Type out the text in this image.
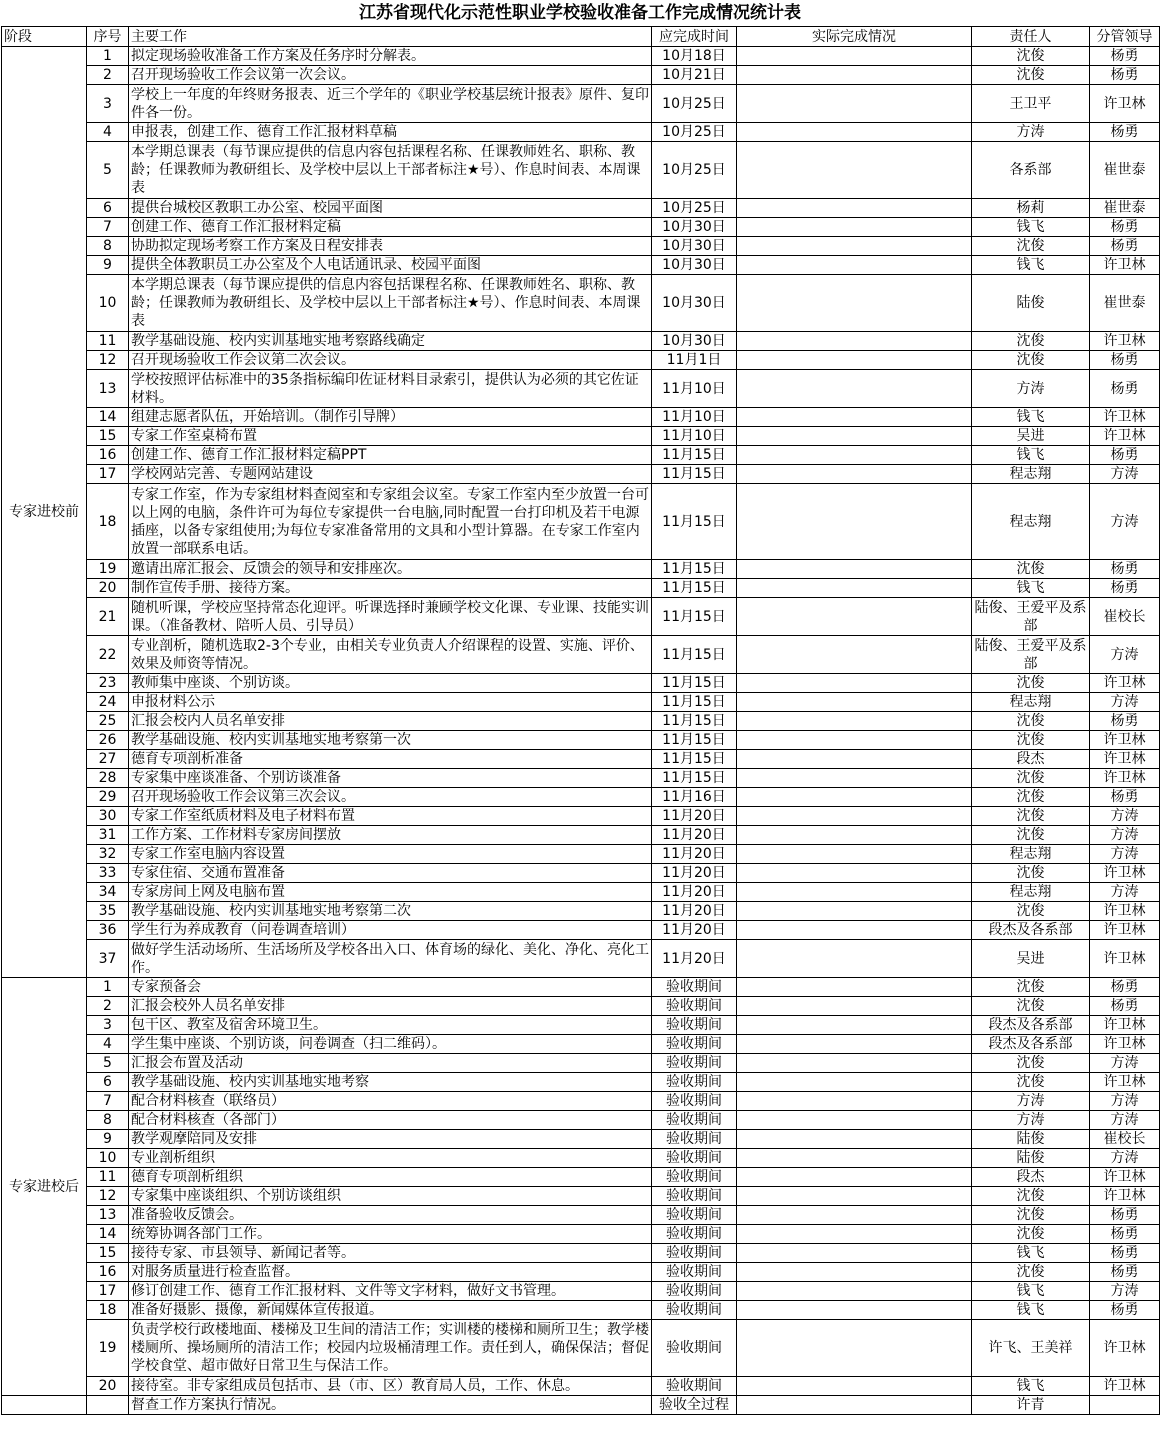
江苏省现代化示范性职业学校验收准备工作完成情况统计表
阶段	序号	主要工作	应完成时间	实际完成情况	责任人	分管领导
专家进校前	1	拟定现场验收准备工作方案及任务序时分解表。	10月18日		沈俊	杨勇
	2	召开现场验收工作会议第一次会议。	10月21日		沈俊	杨勇
	3	学校上一年度的年终财务报表、近三个学年的《职业学校基层统计报表》原件、复印件各一份。	10月25日		王卫平	许卫林
	4	申报表，创建工作、德育工作汇报材料草稿	10月25日		方涛	杨勇
	5	本学期总课表（每节课应提供的信息内容包括课程名称、任课教师姓名、职称、教龄；任课教师为教研组长、及学校中层以上干部者标注★号）、作息时间表、本周课表	10月25日		各系部	崔世泰
	6	提供台城校区教职工办公室、校园平面图	10月25日		杨莉	崔世泰
	7	创建工作、德育工作汇报材料定稿	10月30日		钱飞	杨勇
	8	协助拟定现场考察工作方案及日程安排表	10月30日		沈俊	杨勇
	9	提供全体教职员工办公室及个人电话通讯录、校园平面图	10月30日		钱飞	许卫林
	10	本学期总课表（每节课应提供的信息内容包括课程名称、任课教师姓名、职称、教龄；任课教师为教研组长、及学校中层以上干部者标注★号）、作息时间表、本周课表	10月30日		陆俊	崔世泰
	11	教学基础设施、校内实训基地实地考察路线确定	10月30日		沈俊	许卫林
	12	召开现场验收工作会议第二次会议。	11月1日		沈俊	杨勇
	13	学校按照评估标准中的35条指标编印佐证材料目录索引，提供认为必须的其它佐证材料。	11月10日		方涛	杨勇
	14	组建志愿者队伍，开始培训。（制作引导牌）	11月10日		钱飞	许卫林
	15	专家工作室桌椅布置	11月10日		吴进	许卫林
	16	创建工作、德育工作汇报材料定稿PPT	11月15日		钱飞	杨勇
	17	学校网站完善、专题网站建设	11月15日		程志翔	方涛
	18	专家工作室，作为专家组材料查阅室和专家组会议室。专家工作室内至少放置一台可以上网的电脑，条件许可为每位专家提供一台电脑,同时配置一台打印机及若干电源插座，以备专家组使用;为每位专家准备常用的文具和小型计算器。在专家工作室内放置一部联系电话。	11月15日		程志翔	方涛
	19	邀请出席汇报会、反馈会的领导和安排座次。	11月15日		沈俊	杨勇
	20	制作宣传手册、接待方案。	11月15日		钱飞	杨勇
	21	随机听课，学校应坚持常态化迎评。听课选择时兼顾学校文化课、专业课、技能实训课。（准备教材、陪听人员、引导员）	11月15日		陆俊、王爱平及系部	崔校长
	22	专业剖析，随机选取2-3个专业，由相关专业负责人介绍课程的设置、实施、评价、效果及师资等情况。	11月15日		陆俊、王爱平及系部	方涛
	23	教师集中座谈、个别访谈。	11月15日		沈俊	许卫林
	24	申报材料公示	11月15日		程志翔	方涛
	25	汇报会校内人员名单安排	11月15日		沈俊	杨勇
	26	教学基础设施、校内实训基地实地考察第一次	11月15日		沈俊	许卫林
	27	德育专项剖析准备	11月15日		段杰	许卫林
	28	专家集中座谈准备、个别访谈准备	11月15日		沈俊	许卫林
	29	召开现场验收工作会议第三次会议。	11月16日		沈俊	杨勇
	30	专家工作室纸质材料及电子材料布置	11月20日		沈俊	方涛
	31	工作方案、工作材料专家房间摆放	11月20日		沈俊	方涛
	32	专家工作室电脑内容设置	11月20日		程志翔	方涛
	33	专家住宿、交通布置准备	11月20日		沈俊	许卫林
	34	专家房间上网及电脑布置	11月20日		程志翔	方涛
	35	教学基础设施、校内实训基地实地考察第二次	11月20日		沈俊	许卫林
	36	学生行为养成教育（问卷调查培训）	11月20日		段杰及各系部	许卫林
	37	做好学生活动场所、生活场所及学校各出入口、体育场的绿化、美化、净化、亮化工作。	11月20日		吴进	许卫林
专家进校后	1	专家预备会	验收期间		沈俊	杨勇
	2	汇报会校外人员名单安排	验收期间		沈俊	杨勇
	3	包干区、教室及宿舍环境卫生。	验收期间		段杰及各系部	许卫林
	4	学生集中座谈、个别访谈，问卷调查（扫二维码）。	验收期间		段杰及各系部	许卫林
	5	汇报会布置及活动	验收期间		沈俊	方涛
	6	教学基础设施、校内实训基地实地考察	验收期间		沈俊	许卫林
	7	配合材料核查（联络员）	验收期间		方涛	方涛
	8	配合材料核查（各部门）	验收期间		方涛	方涛
	9	教学观摩陪同及安排	验收期间		陆俊	崔校长
	10	专业剖析组织	验收期间		陆俊	方涛
	11	德育专项剖析组织	验收期间		段杰	许卫林
	12	专家集中座谈组织、个别访谈组织	验收期间		沈俊	许卫林
	13	准备验收反馈会。	验收期间		沈俊	杨勇
	14	统筹协调各部门工作。	验收期间		沈俊	杨勇
	15	接待专家、市县领导、新闻记者等。	验收期间		钱飞	杨勇
	16	对服务质量进行检查监督。	验收期间		沈俊	杨勇
	17	修订创建工作、德育工作汇报材料、文件等文字材料，做好文书管理。	验收期间		钱飞	方涛
	18	准备好摄影、摄像，新闻媒体宣传报道。	验收期间		钱飞	杨勇
	19	负责学校行政楼地面、楼梯及卫生间的清洁工作；实训楼的楼梯和厕所卫生；教学楼楼厕所、操场厕所的清洁工作；校园内垃圾桶清理工作。责任到人，确保保洁；督促学校食堂、超市做好日常卫生与保洁工作。	验收期间		许飞、王美祥	许卫林
	20	接待室。非专家组成员包括市、县（市、区）教育局人员，工作、休息。	验收期间		钱飞	许卫林
		督查工作方案执行情况。	验收全过程		许青	
